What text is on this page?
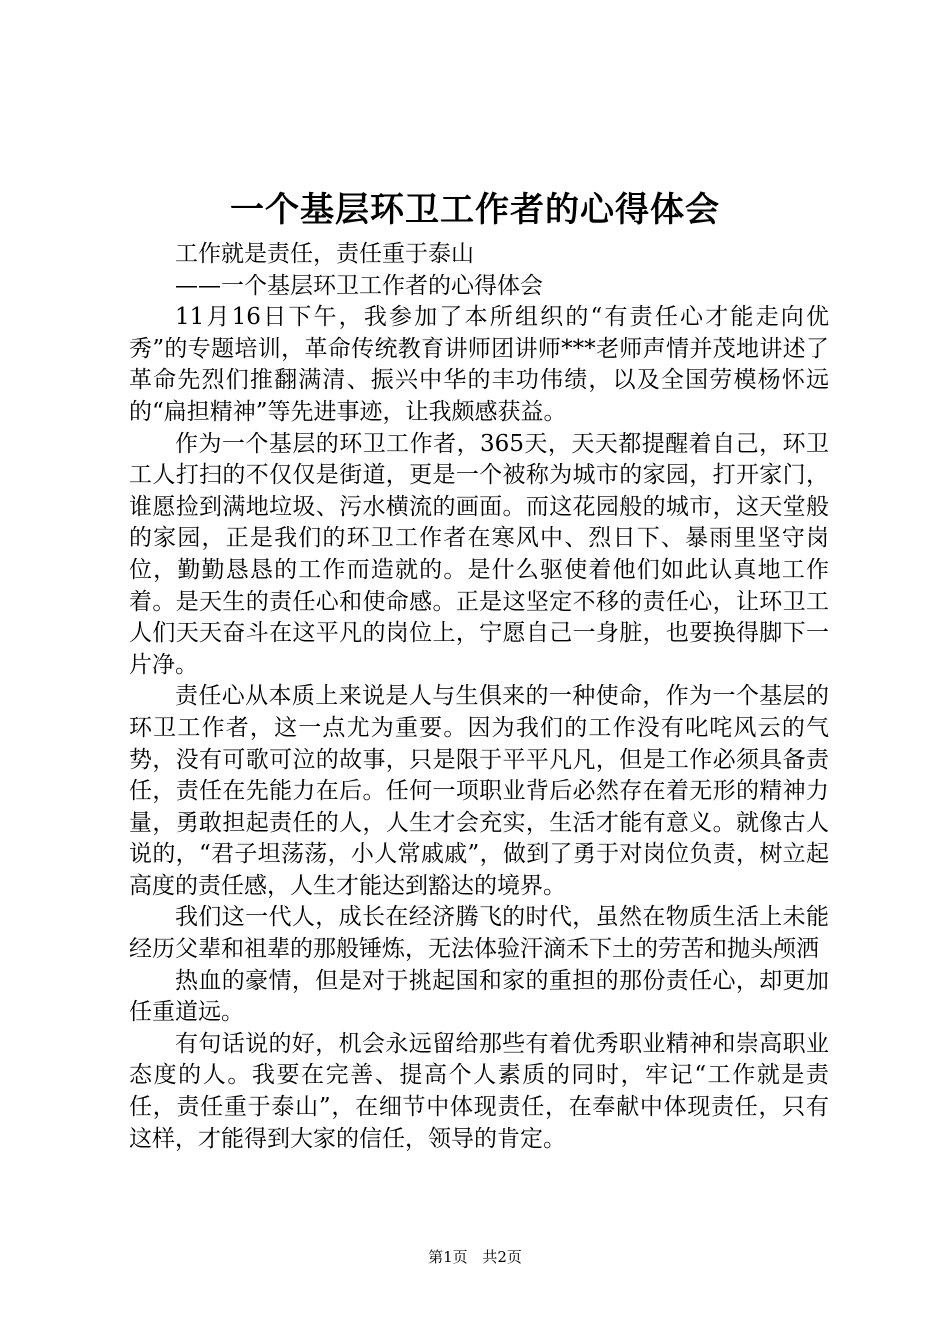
一个基层环卫工作者的心得体会

工作就是责任，责任重于泰山

——一个基层环卫工作者的心得体会

11月16日下午，我参加了本所组织的“有责任心才能走向优秀”的专题培训，革命传统教育讲师团讲师***老师声情并茂地讲述了革命先烈们推翻满清、振兴中华的丰功伟绩，以及全国劳模杨怀远的“扁担精神”等先进事迹，让我颇感获益。

作为一个基层的环卫工作者，365天，天天都提醒着自己，环卫工人打扫的不仅仅是街道，更是一个被称为城市的家园，打开家门，谁愿捡到满地垃圾、污水横流的画面。而这花园般的城市，这天堂般的家园，正是我们的环卫工作者在寒风中、烈日下、暴雨里坚守岗位，勤勤恳恳的工作而造就的。是什么驱使着他们如此认真地工作着。是天生的责任心和使命感。正是这坚定不移的责任心，让环卫工人们天天奋斗在这平凡的岗位上，宁愿自己一身脏，也要换得脚下一片净。

责任心从本质上来说是人与生俱来的一种使命，作为一个基层的环卫工作者，这一点尤为重要。因为我们的工作没有叱咤风云的气势，没有可歌可泣的故事，只是限于平平凡凡，但是工作必须具备责任，责任在先能力在后。任何一项职业背后必然存在着无形的精神力量，勇敢担起责任的人，人生才会充实，生活才能有意义。就像古人说的，“君子坦荡荡，小人常戚戚”，做到了勇于对岗位负责，树立起高度的责任感，人生才能达到豁达的境界。

我们这一代人，成长在经济腾飞的时代，虽然在物质生活上未能经历父辈和祖辈的那般锤炼，无法体验汗滴禾下土的劳苦和抛头颅洒

热血的豪情，但是对于挑起国和家的重担的那份责任心，却更加任重道远。

有句话说的好，机会永远留给那些有着优秀职业精神和崇高职业态度的人。我要在完善、提高个人素质的同时，牢记“工作就是责任，责任重于泰山”，在细节中体现责任，在奉献中体现责任，只有这样，才能得到大家的信任，领导的肯定。

第1页 共2页
